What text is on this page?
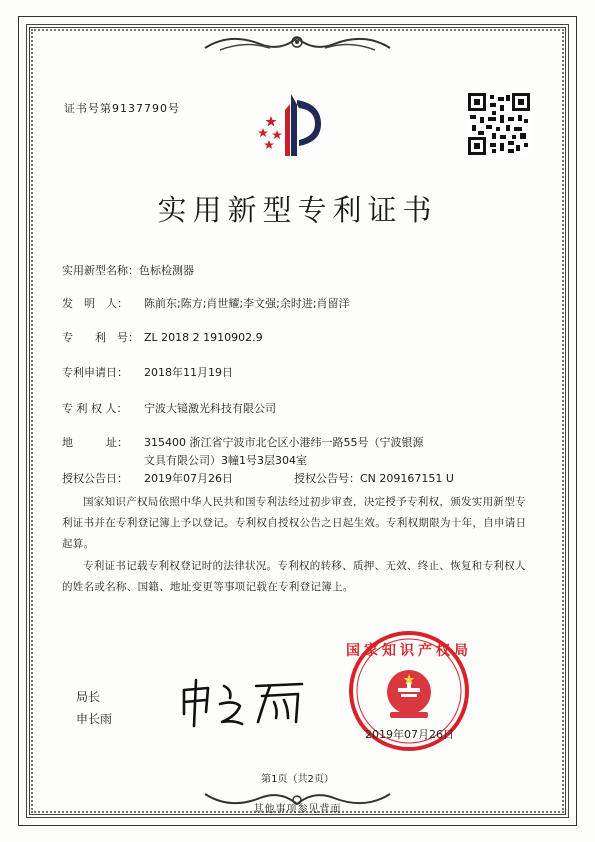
证书号第9137790号
实用新型专利证书
实用新型名称：色标检测器
发　明　人： 陈前东;陈方;肖世耀;李文强;余时进;肖留洋
专　　利　号： ZL 2018 2 1910902.9
专利申请日： 2018年11月19日
专 利 权 人： 宁波大镜激光科技有限公司
地　　　址： 315400 浙江省宁波市北仑区小港纬一路55号（宁波银源
文具有限公司）3幢1号3层304室
授权公告日： 2019年07月26日	授权公告号：CN 209167151 U
国家知识产权局依照中华人民共和国专利法经过初步审查，决定授予专利权，颁发实用新型专利证书并在专利登记簿上予以登记。专利权自授权公告之日起生效。专利权期限为十年，自申请日起算。
专利证书记载专利权登记时的法律状况。专利权的转移、质押、无效、终止、恢复和专利权人的姓名或名称、国籍、地址变更等事项记载在专利登记簿上。
局长
申长雨
国家知识产权局
2019年07月26日
第1页（共2页）
其他事项参见背面
